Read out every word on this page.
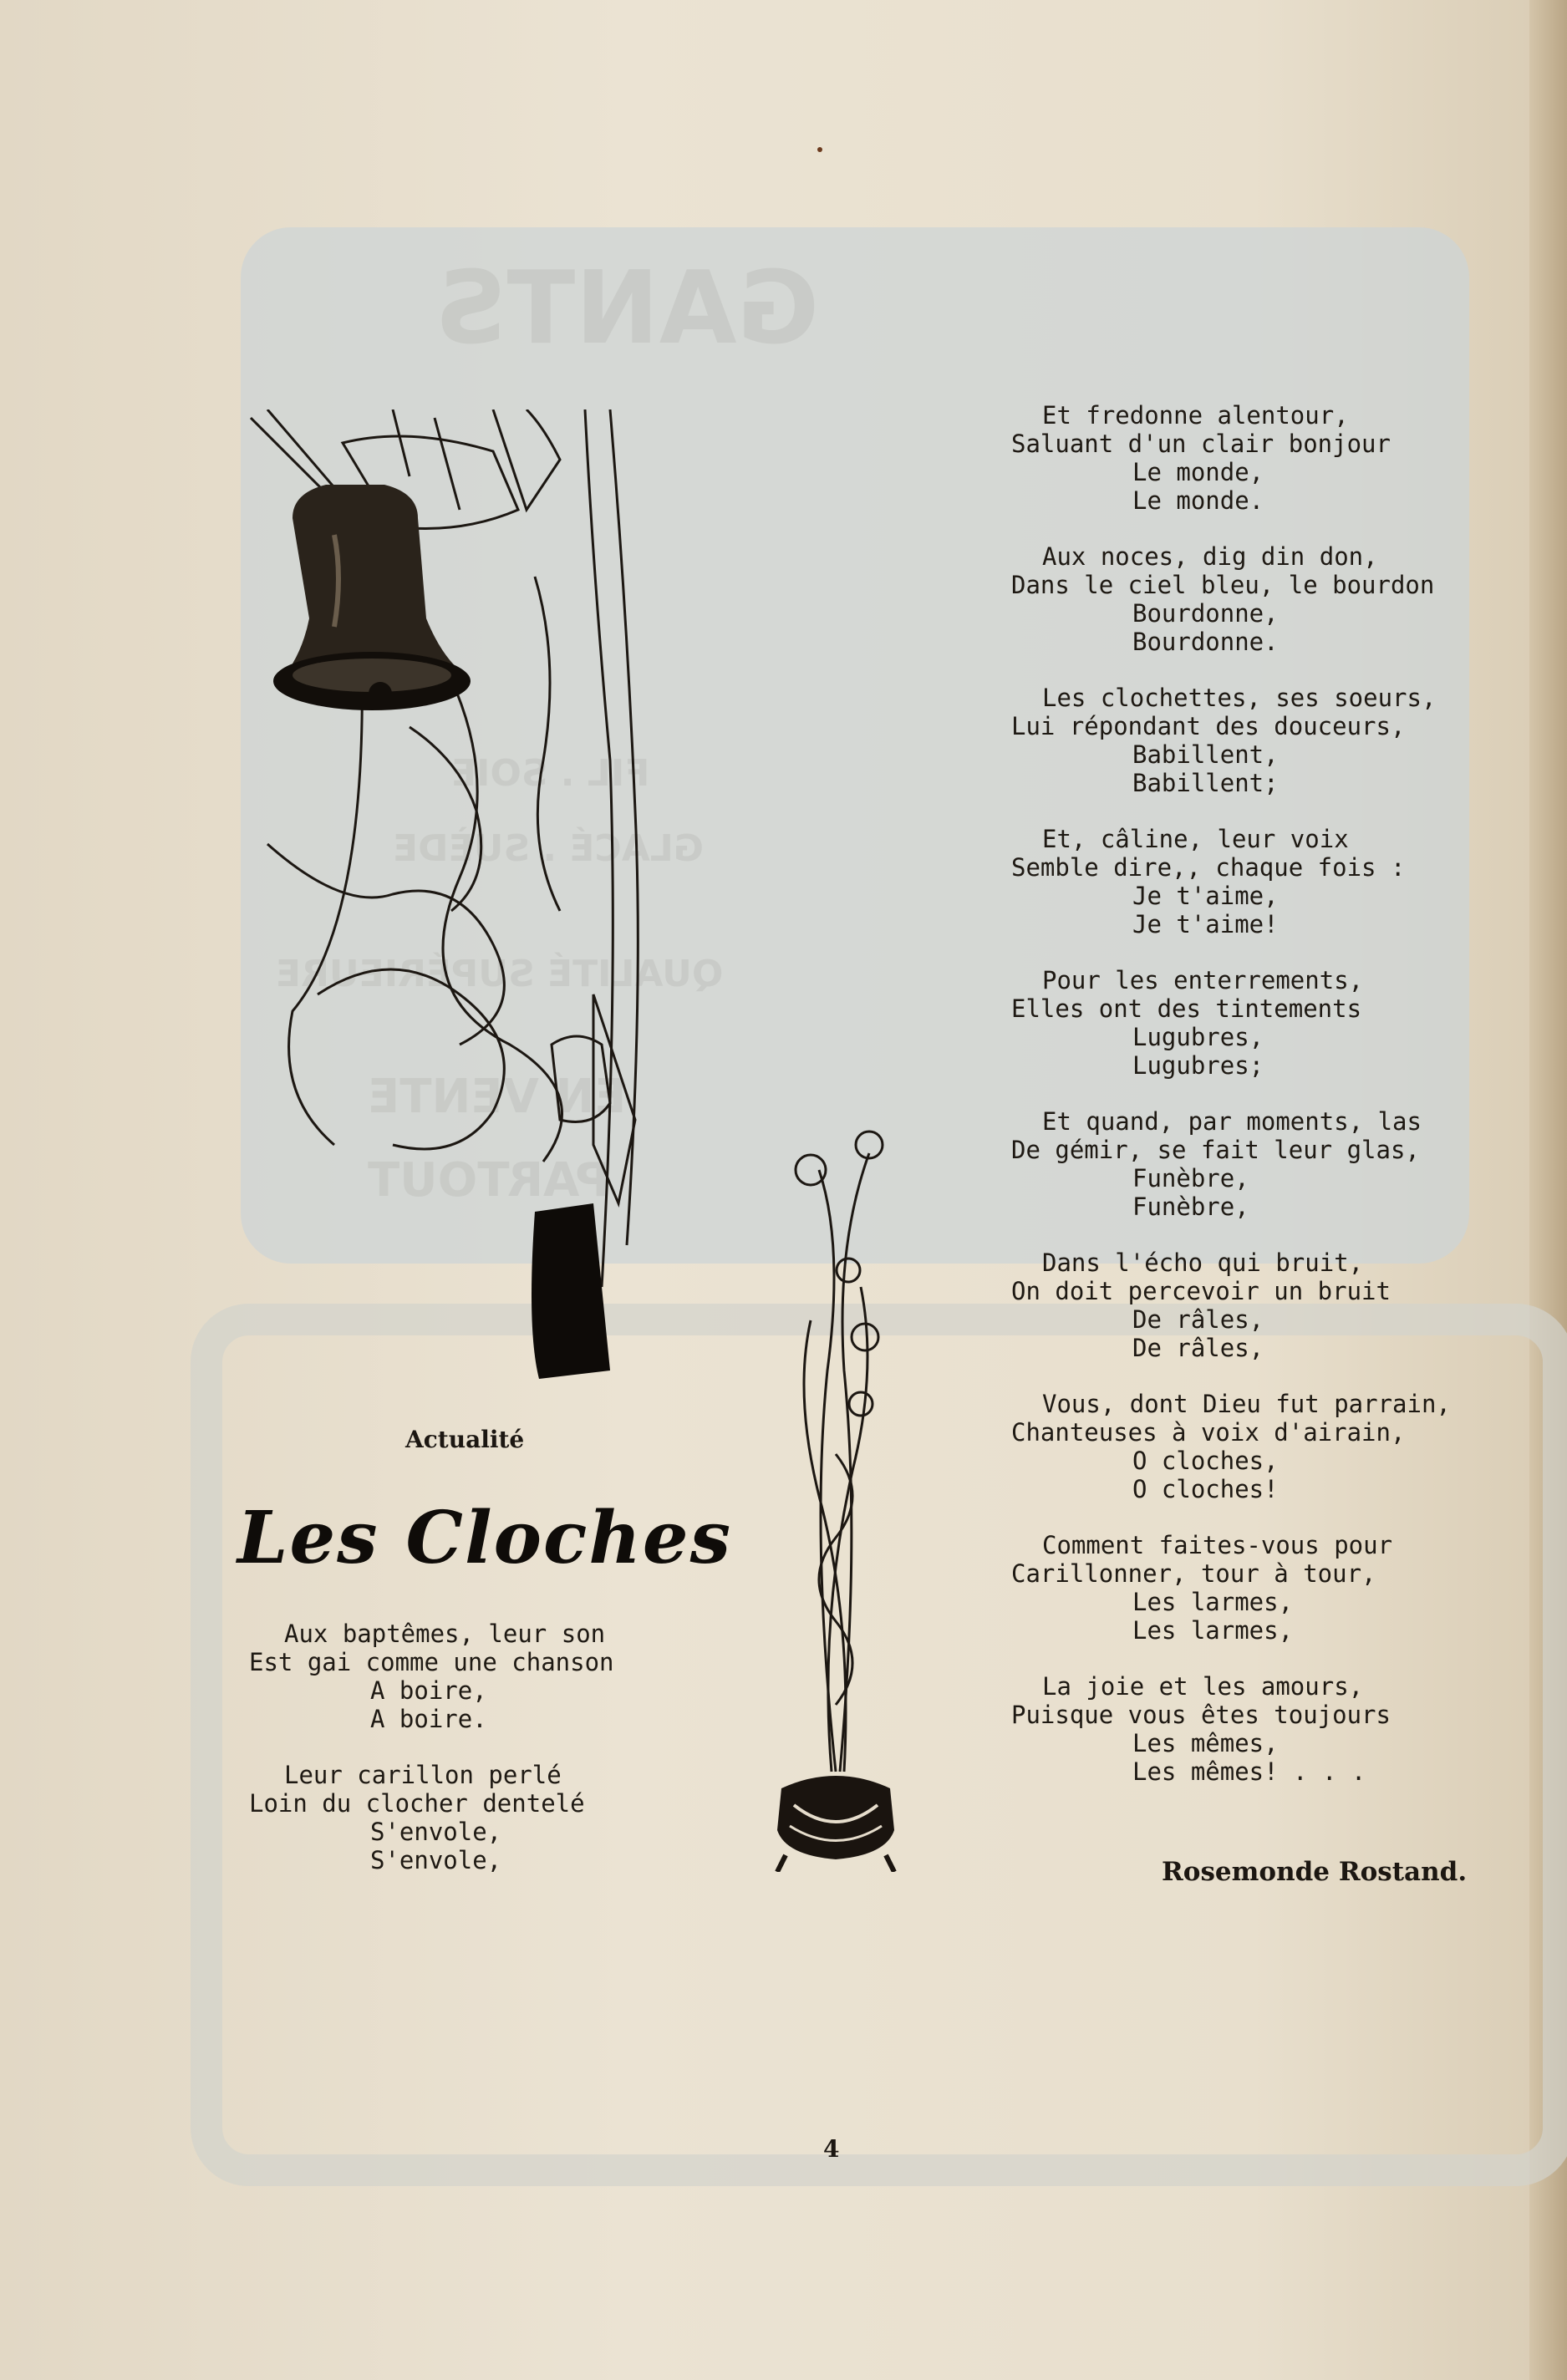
GANTS
FIL . SOIE
GLACÉ . SUÈDE
QUALITÉ SUPÉRIEURE
EN VENTE
PARTOUT
Actualité
Les Cloches
Aux baptêmes, leur son
Est gai comme une chanson
A boire,
A boire.
Leur carillon perlé
Loin du clocher dentelé
S'envole,
S'envole,
Et fredonne alentour,
Saluant d'un clair bonjour
Le monde,
Le monde.
Aux noces, dig din don,
Dans le ciel bleu, le bourdon
Bourdonne,
Bourdonne.
Les clochettes, ses soeurs,
Lui répondant des douceurs,
Babillent,
Babillent;
Et, câline, leur voix
Semble dire,, chaque fois :
Je t'aime,
Je t'aime!
Pour les enterrements,
Elles ont des tintements
Lugubres,
Lugubres;
Et quand, par moments, las
De gémir, se fait leur glas,
Funèbre,
Funèbre,
Dans l'écho qui bruit,
On doit percevoir un bruit
De râles,
De râles,
Vous, dont Dieu fut parrain,
Chanteuses à voix d'airain,
O cloches,
O cloches!
Comment faites-vous pour
Carillonner, tour à tour,
Les larmes,
Les larmes,
La joie et les amours,
Puisque vous êtes toujours
Les mêmes,
Les mêmes! . . .
Rosemonde Rostand.
4
